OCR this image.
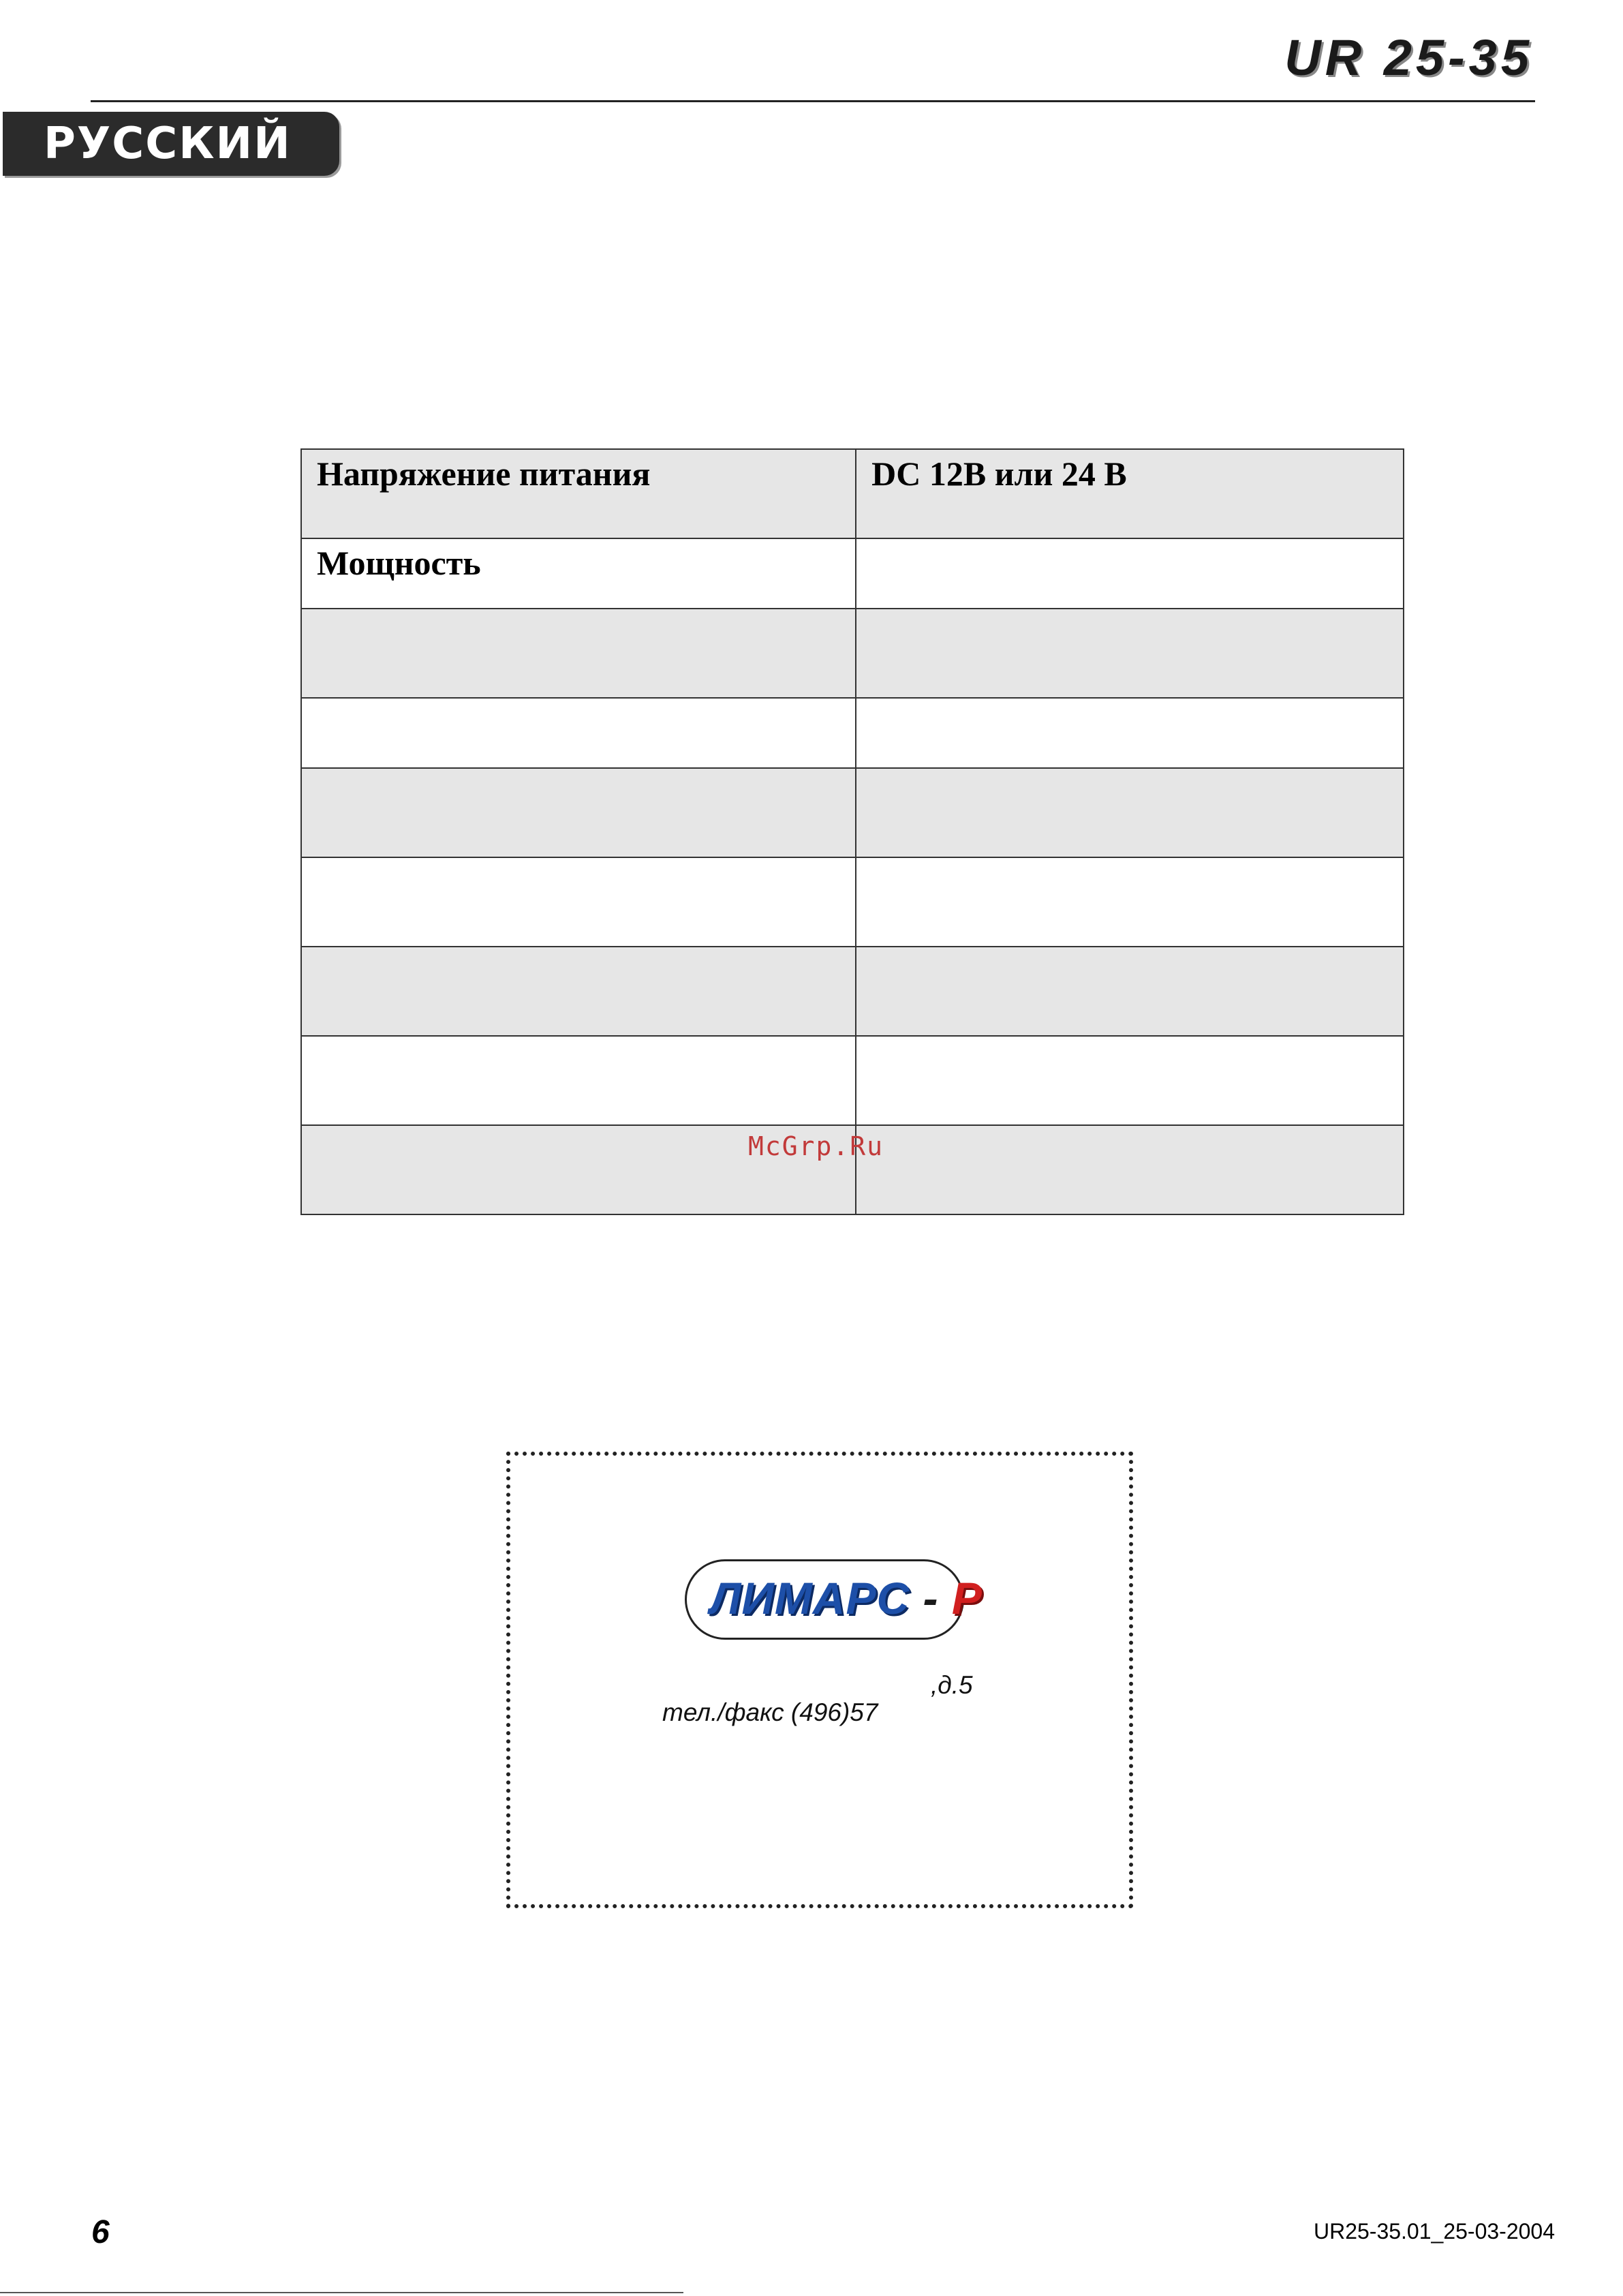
UR 25-35
РУССКИЙ
Напряжение питания	DC 12B или 24 B
Мощность	

McGrp.Ru
ЛИМАРС - Р
,д.5
тел./факс (496)57
6	UR25-35.01_25-03-2004
